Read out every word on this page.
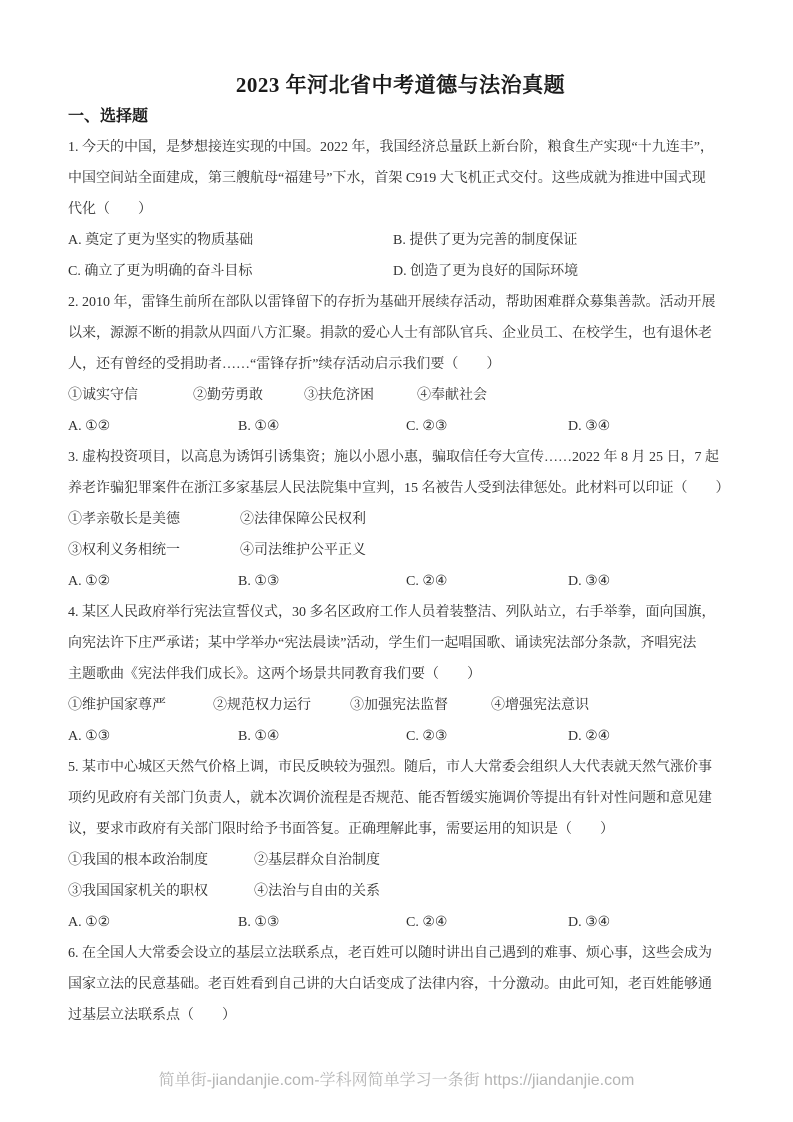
2023 年河北省中考道德与法治真题
一、选择题
1. 今天的中国，是梦想接连实现的中国。2022 年，我国经济总量跃上新台阶，粮食生产实现“十九连丰”，
中国空间站全面建成，第三艘航母“福建号”下水，首架 C919 大飞机正式交付。这些成就为推进中国式现
代化（　　）
A. 奠定了更为坚实的物质基础	B. 提供了更为完善的制度保证
C. 确立了更为明确的奋斗目标	D. 创造了更为良好的国际环境
2. 2010 年，雷锋生前所在部队以雷锋留下的存折为基础开展续存活动，帮助困难群众募集善款。活动开展
以来，源源不断的捐款从四面八方汇聚。捐款的爱心人士有部队官兵、企业员工、在校学生，也有退休老
人，还有曾经的受捐助者……“雷锋存折”续存活动启示我们要（　　）
①诚实守信	②勤劳勇敢	③扶危济困	④奉献社会
A. ①②	B. ①④	C. ②③	D. ③④
3. 虚构投资项目，以高息为诱饵引诱集资；施以小恩小惠，骗取信任夸大宣传……2022 年 8 月 25 日，7 起
养老诈骗犯罪案件在浙江多家基层人民法院集中宣判，15 名被告人受到法律惩处。此材料可以印证（　　）
①孝亲敬长是美德	②法律保障公民权利
③权利义务相统一	④司法维护公平正义
A. ①②	B. ①③	C. ②④	D. ③④
4. 某区人民政府举行宪法宣誓仪式，30 多名区政府工作人员着装整洁、列队站立，右手举拳，面向国旗，
向宪法许下庄严承诺；某中学举办“宪法晨读”活动，学生们一起唱国歌、诵读宪法部分条款，齐唱宪法
主题歌曲《宪法伴我们成长》。这两个场景共同教育我们要（　　）
①维护国家尊严	②规范权力运行	③加强宪法监督	④增强宪法意识
A. ①③	B. ①④	C. ②③	D. ②④
5. 某市中心城区天然气价格上调，市民反映较为强烈。随后，市人大常委会组织人大代表就天然气涨价事
项约见政府有关部门负责人，就本次调价流程是否规范、能否暂缓实施调价等提出有针对性问题和意见建
议，要求市政府有关部门限时给予书面答复。正确理解此事，需要运用的知识是（　　）
①我国的根本政治制度	②基层群众自治制度
③我国国家机关的职权	④法治与自由的关系
A. ①②	B. ①③	C. ②④	D. ③④
6. 在全国人大常委会设立的基层立法联系点，老百姓可以随时讲出自己遇到的难事、烦心事，这些会成为
国家立法的民意基础。老百姓看到自己讲的大白话变成了法律内容，十分激动。由此可知，老百姓能够通
过基层立法联系点（　　）
简单街-jiandanjie.com-学科网简单学习一条街 https://jiandanjie.com
